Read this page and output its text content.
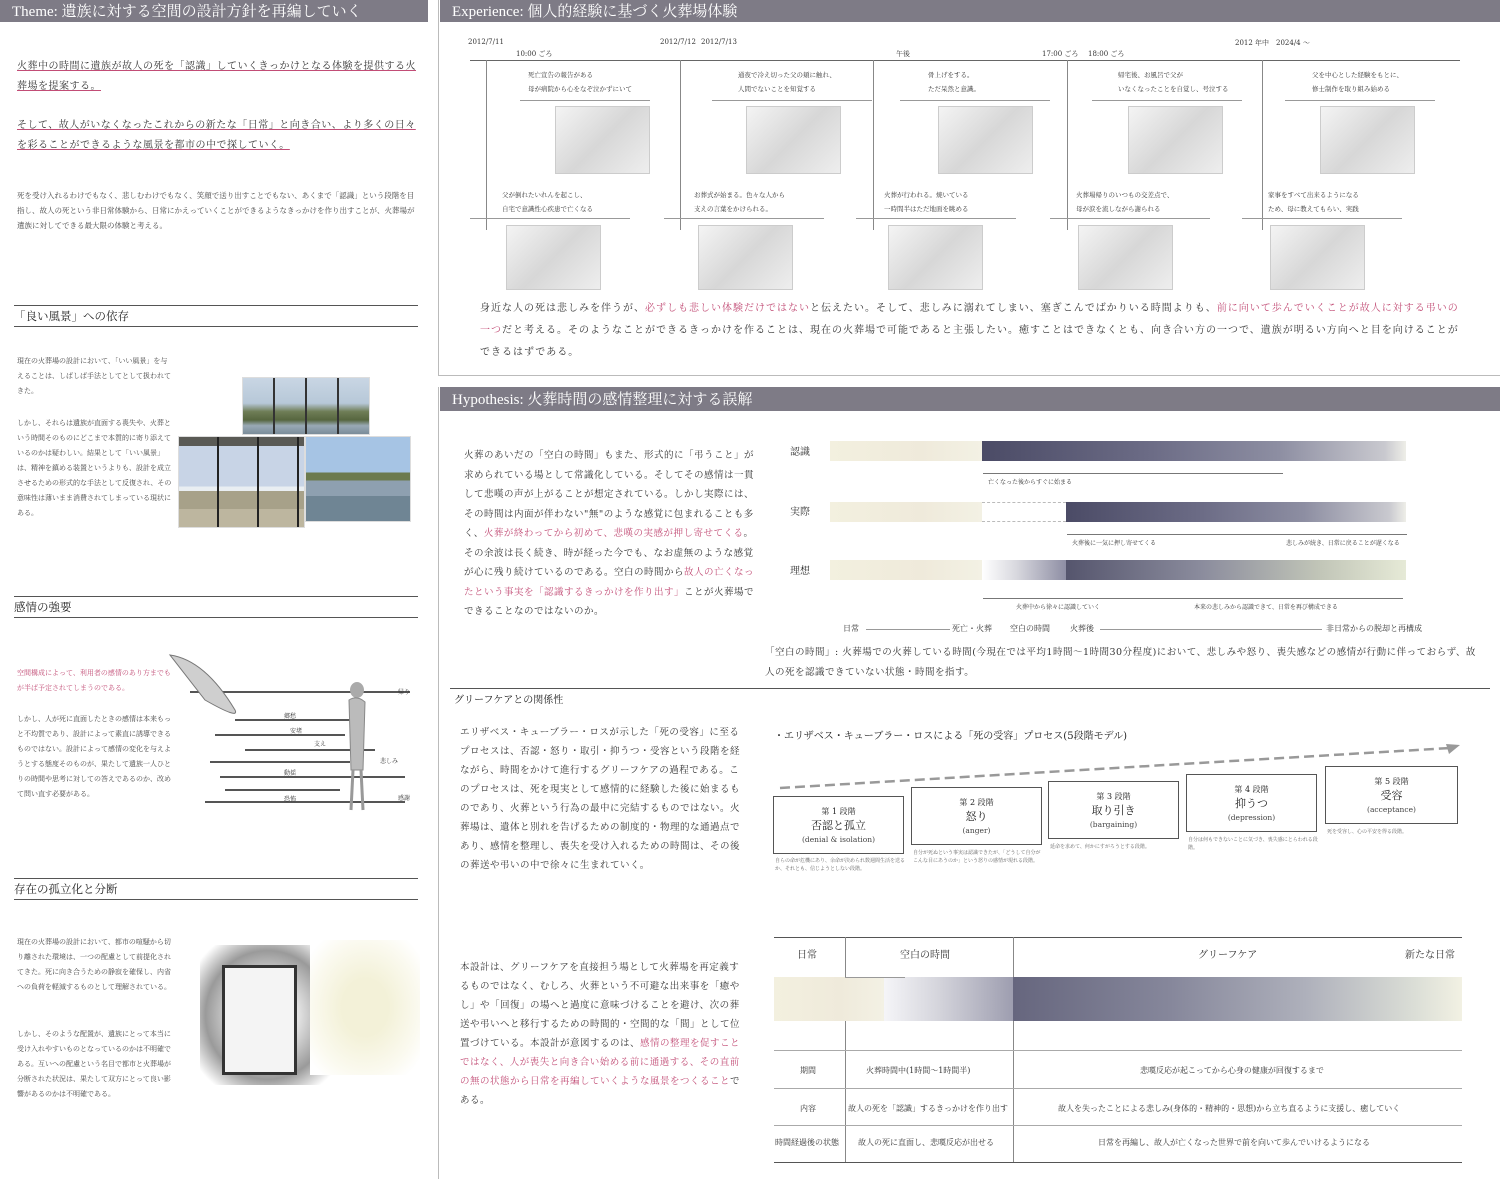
Theme: 遺族に対する空間の設計方針を再編していく
火葬中の時間に遺族が故人の死を「認識」していくきっかけとなる体験を提供する火葬場を提案する。
そして、故人がいなくなったこれからの新たな「日常」と向き合い、より多くの日々を彩ることができるような風景を都市の中で探していく。
死を受け入れるわけでもなく、悲しむわけでもなく、笑顔で送り出すことでもない、あくまで「認識」という段階を目指し、故人の死という非日常体験から、日常にかえっていくことができるようなきっかけを作り出すことが、火葬場が遺族に対してできる最大限の体験と考える。
「良い風景」への依存
現在の火葬場の設計において、「いい風景」を与えることは、しばしば手法としてとして扱われてきた。
しかし、それらは遺族が直面する喪失や、火葬という時間そのものにどこまで本質的に寄り添えているのかは疑わしい。結果として「いい風景」は、精神を鎮める装置というよりも、設計を成立させるための形式的な手法として反復され、その意味性は薄いまま消費されてしまっている現状にある。
感情の強要
空間構成によって、利用者の感情のあり方までもが半ば予定されてしまうのである。
しかし、人が死に直面したときの感情は本来もっと不均質であり、設計によって素直に誘導できるものではない。設計によって感情の変化を与えようとする態度そのものが、果たして遺族一人ひとりの時間や思考に対しての答えであるのか、改めて問い直す必要がある。
帰り
郷愁
安堵
悲しみ
支え
動揺
感謝
恐怖
存在の孤立化と分断
現在の火葬場の設計において、都市の喧騒から切り離された環境は、一つの配慮として前提化されてきた。死に向き合うための静寂を確保し、内省への負荷を軽減するものとして理解されている。
しかし、そのような配置が、遺族にとって本当に受け入れやすいものとなっているのかは不明確である。互いへの配慮という名目で都市と火葬場が分断された状況は、果たして双方にとって良い影響があるのかは不明確である。
Experience: 個人的経験に基づく火葬場体験
2012/7/11
10:00 ごろ
2012/7/12 2012/7/13
午後	17:00 ごろ 18:00 ごろ
2012 年中 2024/4 〜
死亡宣告の報告がある
母が病院から心をなぞ泣かずにいて
通夜で冷え切った父の頬に触れ、
人間でないことを知覚する
骨上げをする。
ただ呆然と意識。
帰宅後、お風呂で父が
いなくなったことを自覚し、号泣する
父を中心とした経験をもとに、
修士制作を取り組み始める
父が倒れたいれんを起こし、
自宅で意識性心疾患で亡くなる
お葬式が始まる。色々な人から
支えの言葉をかけられる。
火葬が行われる。焼いている
一時間半はただ地面を眺める
火葬場帰りのいつもの交差点で、
母が涙を流しながら謝られる
家事をすべて出来るようになる
ため、母に教えてもらい、実践
身近な人の死は悲しみを伴うが、必ずしも悲しい体験だけではないと伝えたい。そして、悲しみに溺れてしまい、塞ぎこんでばかりいる時間よりも、前に向いて歩んでいくことが故人に対する弔いの一つだと考える。そのようなことができるきっかけを作ることは、現在の火葬場で可能であると主張したい。癒すことはできなくとも、向き合い方の一つで、遺族が明るい方向へと目を向けることができるはずである。
Hypothesis: 火葬時間の感情整理に対する誤解
火葬のあいだの「空白の時間」もまた、形式的に「弔うこと」が求められている場として常識化している。そしてその感情は一貫して悲嘆の声が上がることが想定されている。しかし実際には、その時間は内面が伴わない"無"のような感覚に包まれることも多く、火葬が終わってから初めて、悲嘆の実感が押し寄せてくる。その余波は長く続き、時が経った今でも、なお虚無のような感覚が心に残り続けているのである。空白の時間から故人の亡くなったという事実を「認識するきっかけを作り出す」ことが火葬場でできることなのではないのか。
認識
亡くなった後からすぐに始まる
実際
火葬後に一気に押し寄せてくる	悲しみが続き、日常に戻ることが遅くなる
理想
火葬中から徐々に認識していく	本来の悲しみから認識できて、日常を再び構成できる
日常	死亡・火葬 空白の時間	火葬後	非日常からの脱却と再構成
「空白の時間」: 火葬場での火葬している時間(今現在では平均1時間〜1時間30分程度)において、悲しみや怒り、喪失感などの感情が行動に伴っておらず、故人の死を認識できていない状態・時間を指す。
グリーフケアとの関係性
エリザベス・キューブラー・ロスが示した「死の受容」に至るプロセスは、否認・怒り・取引・抑うつ・受容という段階を経ながら、時間をかけて進行するグリーフケアの過程である。このプロセスは、死を現実として感情的に経験した後に始まるものであり、火葬という行為の最中に完結するものではない。火葬場は、遺体と別れを告げるための制度的・物理的な通過点であり、感情を整理し、喪失を受け入れるための時間は、その後の葬送や弔いの中で徐々に生まれていく。
・エリザベス・キューブラー・ロスによる「死の受容」プロセス(5段階モデル)
第 1 段階
否認と孤立
(denial & isolation)
自らの命が危機にあり、余命が決められ数週間生活を送るか、それとも、信じようとしない段階。
第 2 段階
怒り
(anger)
自分が死ぬという事実は認識できたが、「どうして自分がこんな目にあうのか」という怒りの感情が現れる段階。
第 3 段階
取り引き
(bargaining)
延命を求めて、何かにすがろうとする段階。
第 4 段階
抑うつ
(depression)
自分は何もできないことに気づき、喪失感にとらわれる段階。
第 5 段階
受容
(acceptance)
死を受容し、心の平安を得る段階。
本設計は、グリーフケアを直接担う場として火葬場を再定義するものではなく、むしろ、火葬という不可避な出来事を「癒やし」や「回復」の場へと過度に意味づけることを避け、次の葬送や弔いへと移行するための時間的・空間的な「間」として位置づけている。本設計が意図するのは、感情の整理を促すことではなく、人が喪失と向き合い始める前に通過する、その直前の無の状態から日常を再編していくような風景をつくることである。
日常	空白の時間	グリーフケア	新たな日常
期間	火葬時間中(1時間〜1時間半)	悲嘆反応が起こってから心身の健康が回復するまで
内容	故人の死を「認識」するきっかけを作り出す	故人を失ったことによる悲しみ(身体的・精神的・思想)から立ち直るように支援し、癒していく
時間経過後の状態 故人の死に直面し、悲嘆反応が出せる	日常を再編し、故人が亡くなった世界で前を向いて歩んでいけるようになる
